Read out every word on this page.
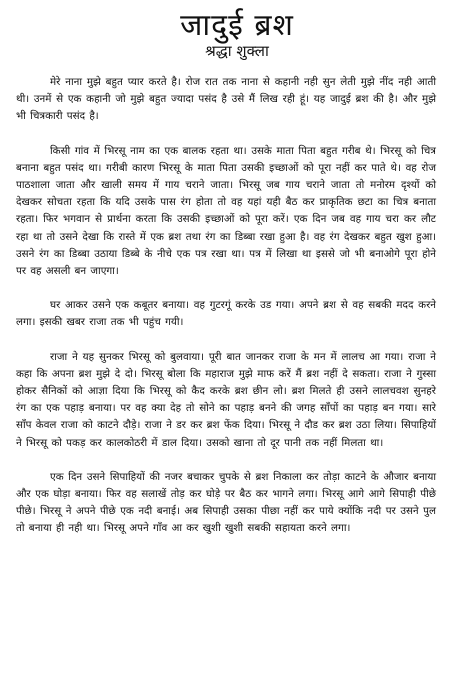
जादुई ब्रश
श्रद्धा शुक्ला

मेरे नाना मुझे बहुत प्यार करते है। रोज रात तक नाना से कहानी नही सुन लेती मुझे नींद नही आती थी। उनमें से एक कहानी जो मुझे बहुत ज्यादा पसंद है उसे मैं लिख रही हूं। यह जादुई ब्रश की है। और मुझे भी चित्रकारी पसंद है।

किसी गांव में भिरसू नाम का एक बालक रहता था। उसके माता पिता बहुत गरीब थे। भिरसू को चित्र बनाना बहुत पसंद था। गरीबी कारण भिरसू के माता पिता उसकी इच्छाओं को पूरा नहीं कर पाते थे। वह रोज पाठशाला जाता और खाली समय में गाय चराने जाता। भिरसू जब गाय चराने जाता तो मनोरम दृश्यों को देखकर सोचता रहता कि यदि उसके पास रंग होता तो वह यहां यही बैठ कर प्राकृतिक छटा का चित्र बनाता रहता। फिर भगवान से प्रार्थना करता कि उसकी इच्छाओं को पूरा करें। एक दिन जब वह गाय चरा कर लौट रहा था तो उसने देखा कि रास्ते में एक ब्रश तथा रंग का डिब्बा रखा हुआ है। वह रंग देखकर बहुत खुश हुआ। उसने रंग का डिब्बा उठाया डिब्बे के नीचे एक पत्र रखा था। पत्र में लिखा था इससे जो भी बनाओगे पूरा होने पर वह असली बन जाएगा।

घर आकर उसने एक कबूतर बनाया। वह गुटरगूं करके उड गया। अपने ब्रश से वह सबकी मदद करने लगा। इसकी खबर राजा तक भी पहुंच गयी।

राजा ने यह सुनकर भिरसू को बुलवाया। पूरी बात जानकर राजा के मन में लालच आ गया। राजा ने कहा कि अपना ब्रश मुझे दे दो। भिरसू बोला कि महाराज मुझे माफ करें मैं ब्रश नहीं दे सकता। राजा ने गुस्सा होकर सैनिकों को आज्ञा दिया कि भिरसू को कैद करके ब्रश छीन लो। ब्रश मिलते ही उसने लालचवश सुनहरे रंग का एक पहाड़ बनाया। पर वह क्या देह तो सोने का पहाड़ बनने की जगह साँपों का पहाड़ बन गया। सारे साँप केवल राजा को काटने दौड़े। राजा ने डर कर ब्रश फेंक दिया। भिरसू ने दौड कर ब्रश उठा लिया। सिपाहियों ने भिरसू को पकड़ कर कालकोठरी में डाल दिया। उसको खाना तो दूर पानी तक नहीं मिलता था।

एक दिन उसने सिपाहियों की नजर बचाकर चुपके से ब्रश निकाला कर तोड़ा काटने के औजार बनाया और एक घोड़ा बनाया। फिर वह सलाखें तोड़ कर घोड़े पर बैठ कर भागने लगा। भिरसू आगे आगे सिपाही पीछे पीछे। भिरसू ने अपने पीछे एक नदी बनाई। अब सिपाही उसका पीछा नहीं कर पाये क्योंकि नदी पर उसने पुल तो बनाया ही नही था। भिरसू अपने गाँव आ कर खुशी खुशी सबकी सहायता करने लगा।
